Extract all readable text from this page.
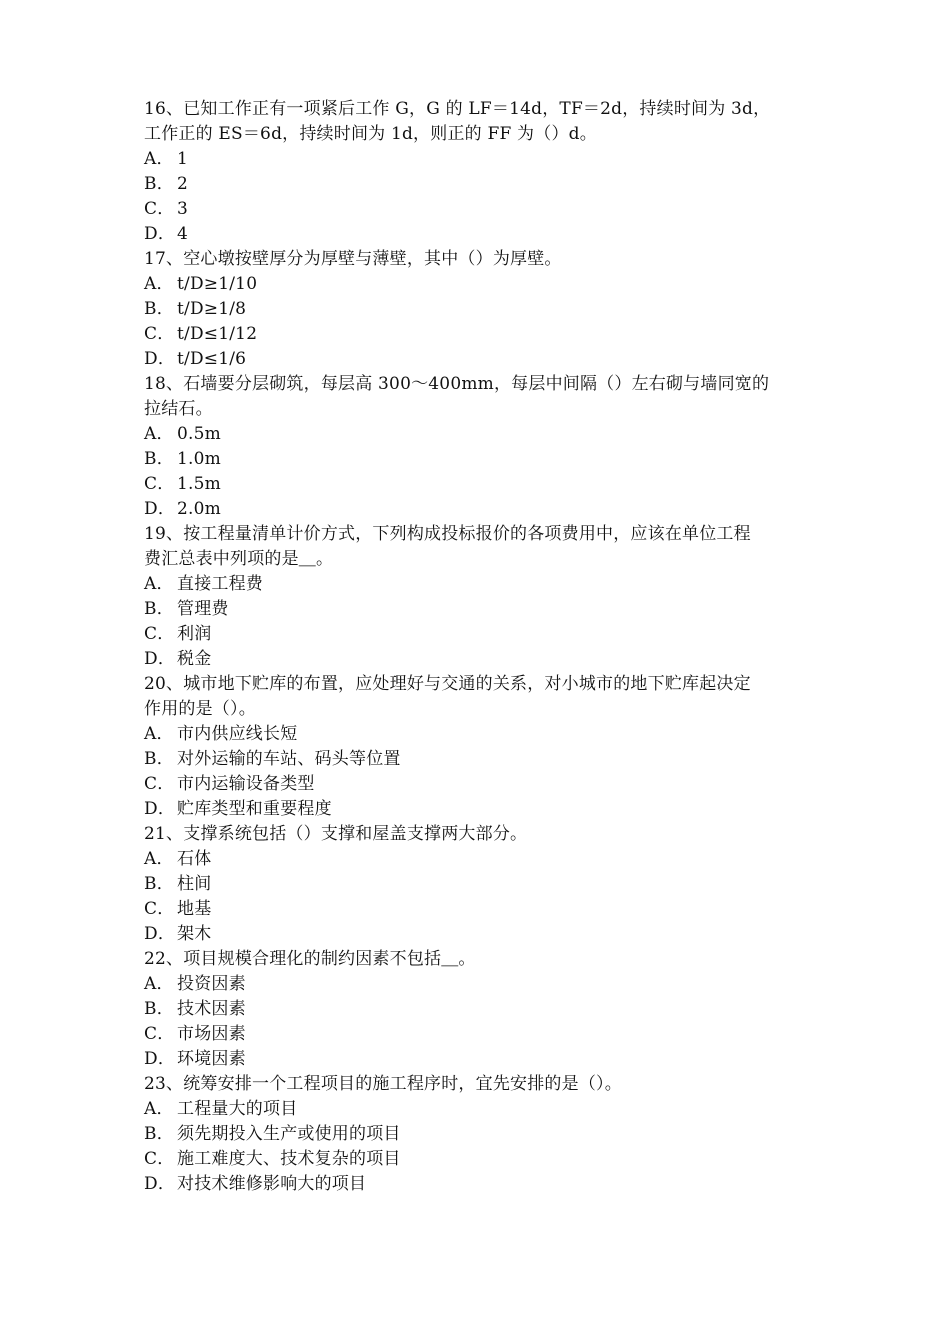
16、已知工作正有一项紧后工作 G，G 的 LF＝14d，TF＝2d，持续时间为 3d，
工作正的 ES＝6d，持续时间为 1d，则正的 FF 为（）d。
A． 1
B． 2
C． 3
D． 4
17、空心墩按壁厚分为厚壁与薄壁，其中（）为厚壁。
A． t/D≥1/10
B． t/D≥1/8
C． t/D≤1/12
D． t/D≤1/6
18、石墙要分层砌筑，每层高 300～400mm，每层中间隔（）左右砌与墙同宽的
拉结石。
A． 0.5m
B． 1.0m
C． 1.5m
D． 2.0m
19、按工程量清单计价方式，下列构成投标报价的各项费用中，应该在单位工程
费汇总表中列项的是＿。
A． 直接工程费
B． 管理费
C． 利润
D． 税金
20、城市地下贮库的布置，应处理好与交通的关系，对小城市的地下贮库起决定
作用的是（）。
A． 市内供应线长短
B． 对外运输的车站、码头等位置
C． 市内运输设备类型
D． 贮库类型和重要程度
21、支撑系统包括（）支撑和屋盖支撑两大部分。
A． 石体
B． 柱间
C． 地基
D． 架木
22、项目规模合理化的制约因素不包括＿。
A． 投资因素
B． 技术因素
C． 市场因素
D． 环境因素
23、统筹安排一个工程项目的施工程序时，宜先安排的是（）。
A． 工程量大的项目
B． 须先期投入生产或使用的项目
C． 施工难度大、技术复杂的项目
D． 对技术维修影响大的项目
